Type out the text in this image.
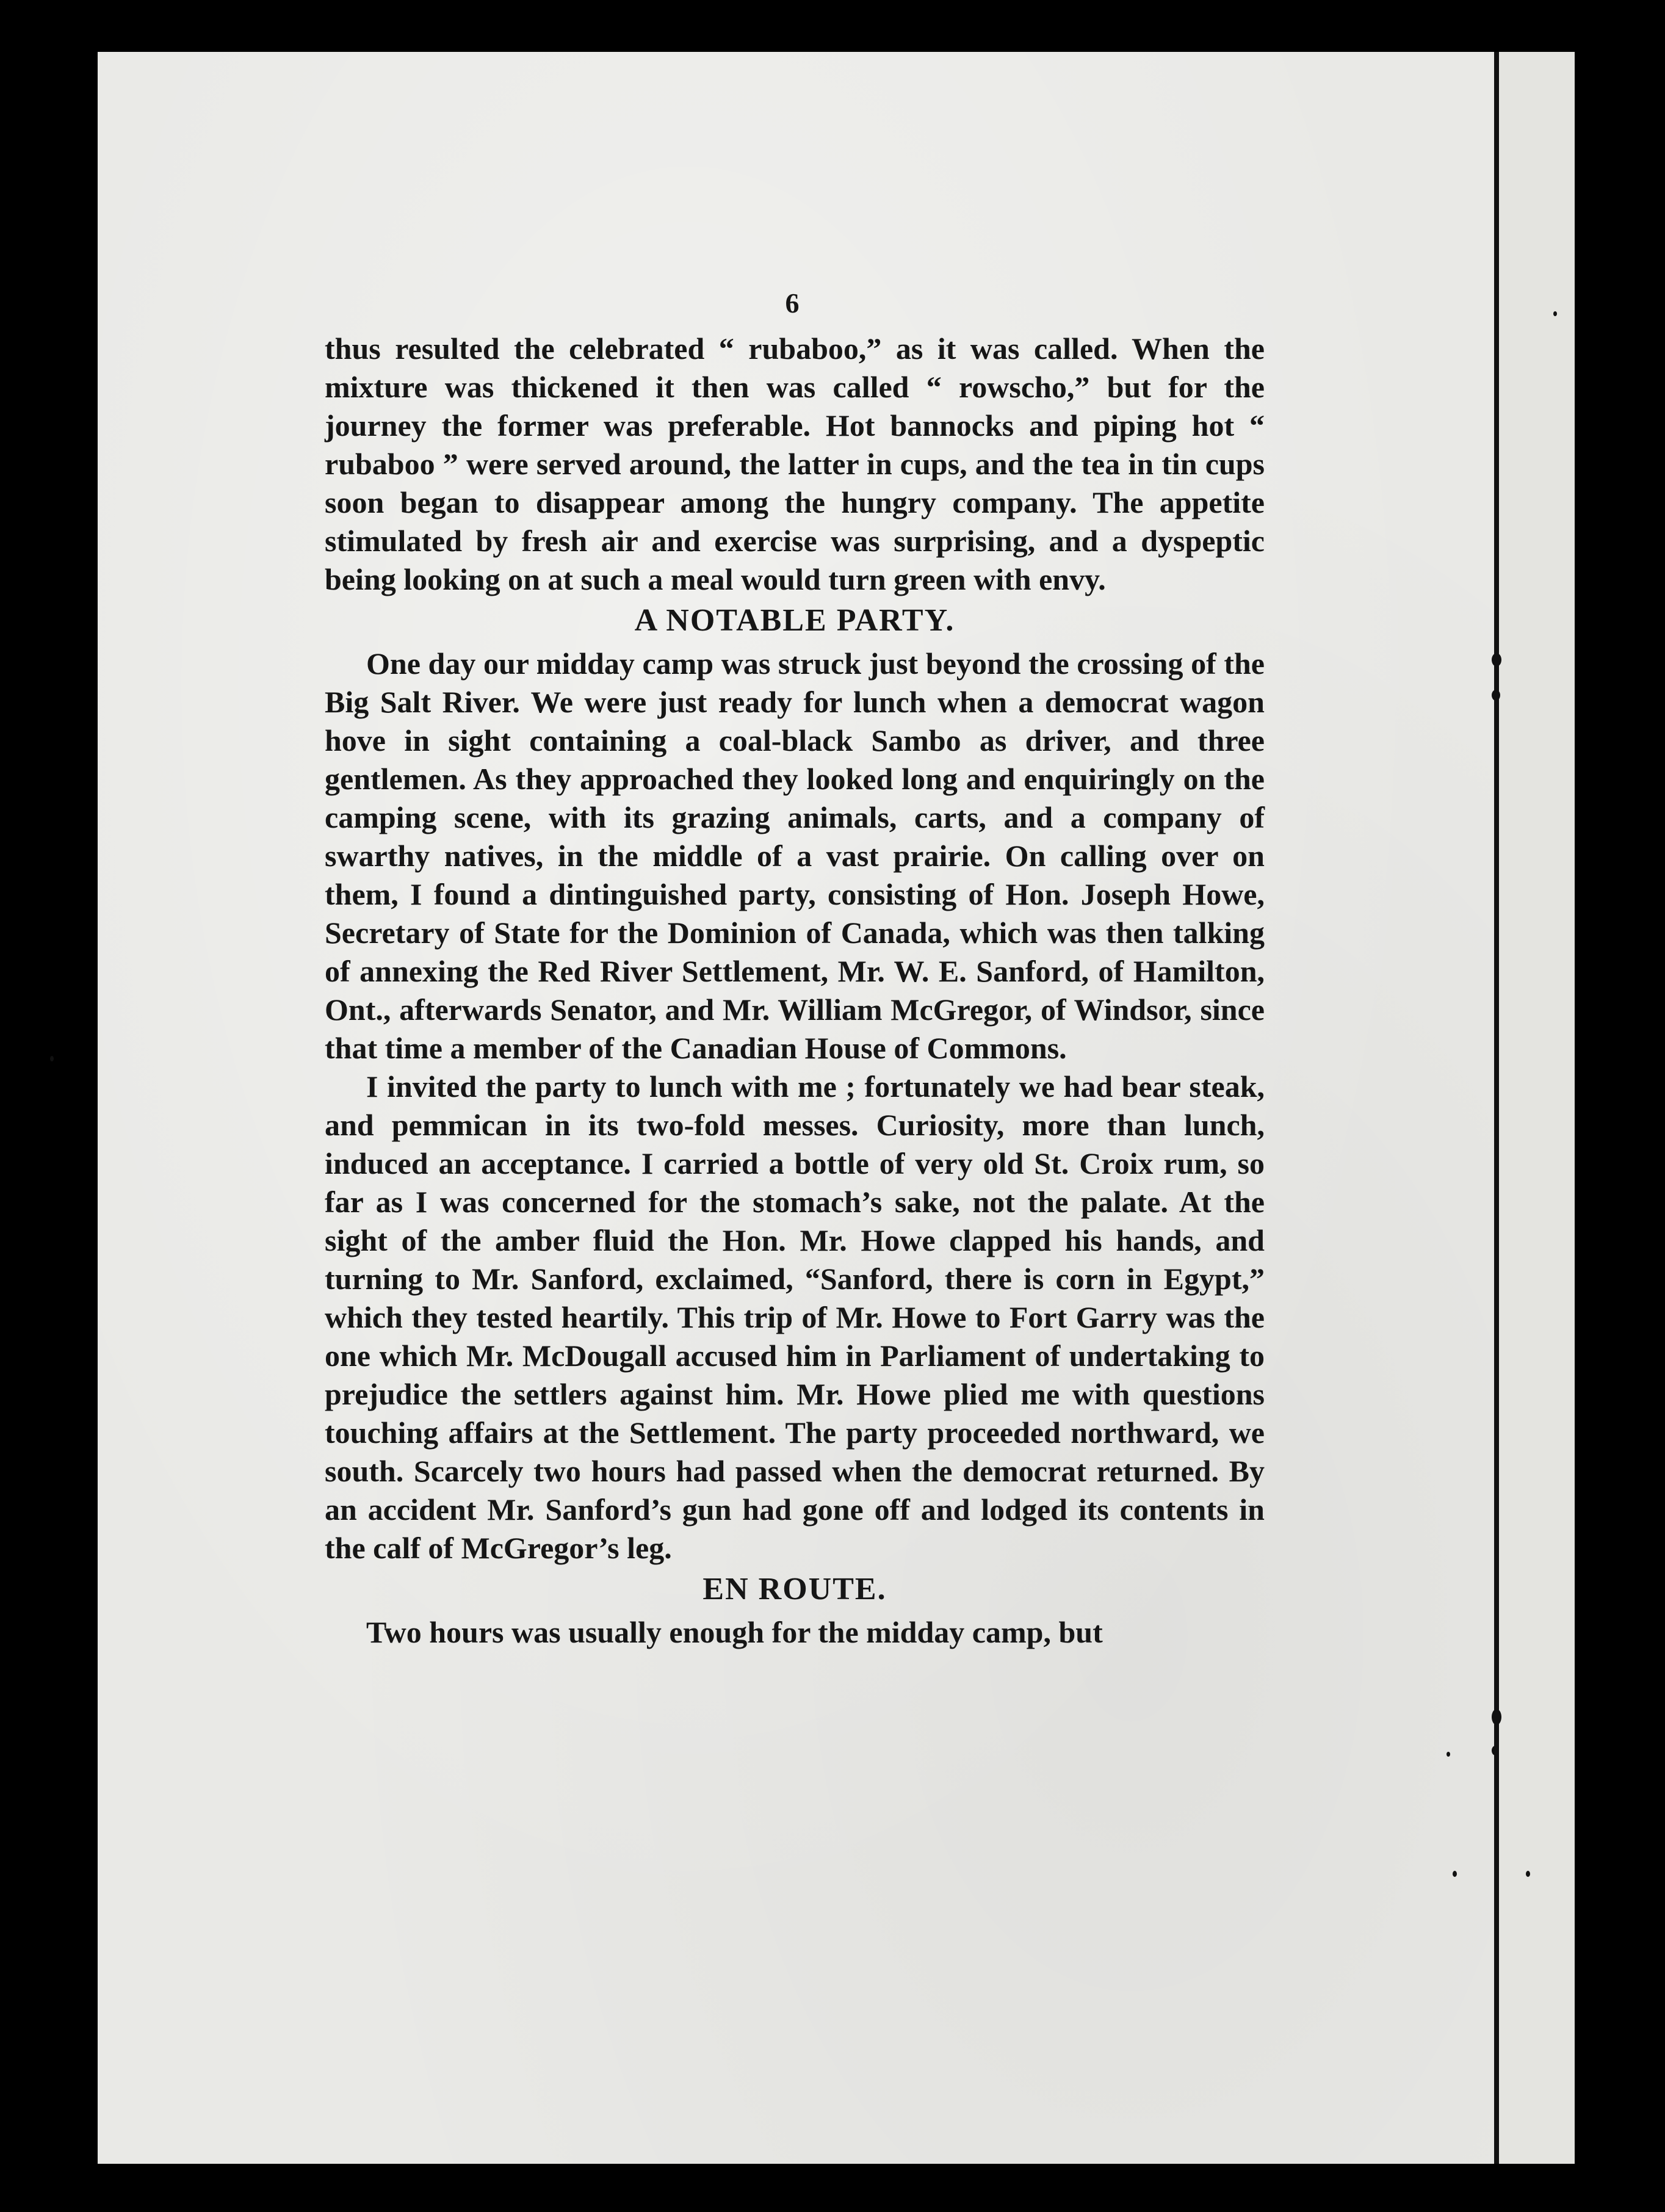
6

thus resulted the celebrated “ rubaboo,” as it was called. When the mixture was thickened it then was called “ rowscho,” but for the journey the former was preferable. Hot bannocks and piping hot “ rubaboo ” were served around, the latter in cups, and the tea in tin cups soon began to disappear among the hungry company. The appetite stimulated by fresh air and exercise was surprising, and a dyspeptic being looking on at such a meal would turn green with envy.

A NOTABLE PARTY.

One day our midday camp was struck just beyond the crossing of the Big Salt River. We were just ready for lunch when a democrat wagon hove in sight containing a coal-black Sambo as driver, and three gentlemen. As they approached they looked long and enquiringly on the camping scene, with its grazing animals, carts, and a company of swarthy natives, in the middle of a vast prairie. On calling over on them, I found a dintinguished party, consisting of Hon. Joseph Howe, Secretary of State for the Dominion of Canada, which was then talking of annexing the Red River Settlement, Mr. W. E. Sanford, of Hamilton, Ont., afterwards Senator, and Mr. William McGregor, of Windsor, since that time a member of the Canadian House of Commons.

I invited the party to lunch with me ; fortunately we had bear steak, and pemmican in its two-fold messes. Curiosity, more than lunch, induced an acceptance. I carried a bottle of very old St. Croix rum, so far as I was concerned for the stomach’s sake, not the palate. At the sight of the amber fluid the Hon. Mr. Howe clapped his hands, and turning to Mr. Sanford, exclaimed, “Sanford, there is corn in Egypt,” which they tested heartily. This trip of Mr. Howe to Fort Garry was the one which Mr. McDougall accused him in Parliament of undertaking to prejudice the settlers against him. Mr. Howe plied me with questions touching affairs at the Settlement. The party proceeded northward, we south. Scarcely two hours had passed when the democrat returned. By an accident Mr. Sanford’s gun had gone off and lodged its contents in the calf of McGregor’s leg.

EN ROUTE.

Two hours was usually enough for the midday camp, but
